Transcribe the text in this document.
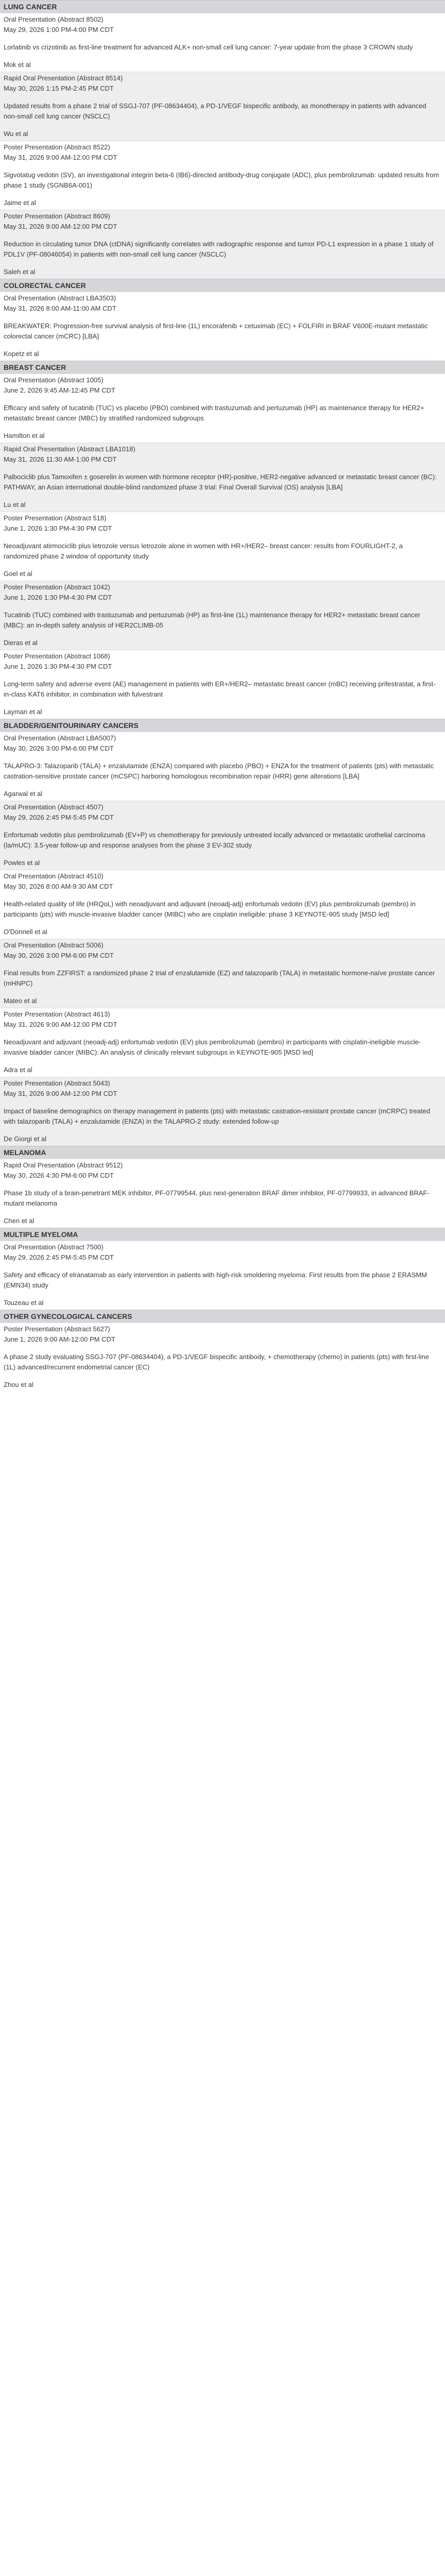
LUNG CANCER
Oral Presentation (Abstract 8502)
May 29, 2026 1:00 PM-4:00 PM CDT
Lorlatinib vs crizotinib as first-line treatment for advanced ALK+ non-small cell lung cancer: 7-year update from the phase 3 CROWN study
Mok et al
Rapid Oral Presentation (Abstract 8514)
May 30, 2026 1:15 PM-2:45 PM CDT
Updated results from a phase 2 trial of SSGJ-707 (PF-08634404), a PD-1/VEGF bispecific antibody, as monotherapy in patients with advanced non-small cell lung cancer (NSCLC)
Wu et al
Poster Presentation (Abstract 8522)
May 31, 2026 9:00 AM-12:00 PM CDT
Sigvotatug vedotin (SV), an investigational integrin beta-6 (IB6)-directed antibody-drug conjugate (ADC), plus pembrolizumab: updated results from phase 1 study (SGNB6A-001)
Jaime et al
Poster Presentation (Abstract 8609)
May 31, 2026 9:00 AM-12:00 PM CDT
Reduction in circulating tumor DNA (ctDNA) significantly correlates with radiographic response and tumor PD-L1 expression in a phase 1 study of PDL1V (PF-08046054) in patients with non-small cell lung cancer (NSCLC)
Saleh et al
COLORECTAL CANCER
Oral Presentation (Abstract LBA3503)
May 31, 2026 8:00 AM-11:00 AM CDT
BREAKWATER: Progression-free survival analysis of first-line (1L) encorafenib + cetuximab (EC) + FOLFIRI in BRAF V600E-mutant metastatic colorectal cancer (mCRC) [LBA]
Kopetz et al
BREAST CANCER
Oral Presentation (Abstract 1005)
June 2, 2026 9:45 AM-12:45 PM CDT
Efficacy and safety of tucatinib (TUC) vs placebo (PBO) combined with trastuzumab and pertuzumab (HP) as maintenance therapy for HER2+ metastatic breast cancer (MBC) by stratified randomized subgroups
Hamilton et al
Rapid Oral Presentation (Abstract LBA1018)
May 31, 2026 11:30 AM-1:00 PM CDT
Palbociclib plus Tamoxifen ± goserelin in women with hormone receptor (HR)-positive, HER2-negative advanced or metastatic breast cancer (BC): PATHWAY, an Asian international double-blind randomized phase 3 trial: Final Overall Survival (OS) analysis [LBA]
Lu et al
Poster Presentation (Abstract 518)
June 1, 2026 1:30 PM-4:30 PM CDT
Neoadjuvant atirmociclib plus letrozole versus letrozole alone in women with HR+/HER2– breast cancer: results from FOURLIGHT-2, a randomized phase 2 window of opportunity study
Goel et al
Poster Presentation (Abstract 1042)
June 1, 2026 1:30 PM-4:30 PM CDT
Tucatinib (TUC) combined with trastuzumab and pertuzumab (HP) as first-line (1L) maintenance therapy for HER2+ metastatic breast cancer (MBC): an in-depth safety analysis of HER2CLIMB-05
Dieras et al
Poster Presentation (Abstract 1068)
June 1, 2026 1:30 PM-4:30 PM CDT
Long-term safety and adverse event (AE) management in patients with ER+/HER2– metastatic breast cancer (mBC) receiving prifestrastat, a first-in-class KAT6 inhibitor, in combination with fulvestrant
Layman et al
BLADDER/GENITOURINARY CANCERS
Oral Presentation (Abstract LBA5007)
May 30, 2026 3:00 PM-6:00 PM CDT
TALAPRO-3: Talazoparib (TALA) + enzalutamide (ENZA) compared with placebo (PBO) + ENZA for the treatment of patients (pts) with metastatic castration-sensitive prostate cancer (mCSPC) harboring homologous recombination repair (HRR) gene alterations [LBA]
Agarwal et al
Oral Presentation (Abstract 4507)
May 29, 2026 2:45 PM-5:45 PM CDT
Enfortumab vedotin plus pembrolizumab (EV+P) vs chemotherapy for previously untreated locally advanced or metastatic urothelial carcinoma (la/mUC): 3.5-year follow-up and response analyses from the phase 3 EV-302 study
Powles et al
Oral Presentation (Abstract 4510)
May 30, 2026 8:00 AM-9:30 AM CDT
Health-related quality of life (HRQoL) with neoadjuvant and adjuvant (neoadj-adj) enfortumab vedotin (EV) plus pembrolizumab (pembro) in participants (pts) with muscle-invasive bladder cancer (MIBC) who are cisplatin ineligible: phase 3 KEYNOTE-905 study [MSD led]
O'Donnell et al
Oral Presentation (Abstract 5006)
May 30, 2026 3:00 PM-6:00 PM CDT
Final results from ZZFIRST: a randomized phase 2 trial of enzalutamide (EZ) and talazoparib (TALA) in metastatic hormone-naïve prostate cancer (mHNPC)
Mateo et al
Poster Presentation (Abstract 4613)
May 31, 2026 9:00 AM-12:00 PM CDT
Neoadjuvant and adjuvant (neoadj-adj) enfortumab vedotin (EV) plus pembrolizumab (pembro) in participants with cisplatin-ineligible muscle-invasive bladder cancer (MIBC): An analysis of clinically relevant subgroups in KEYNOTE-905 [MSD led]
Adra et al
Poster Presentation (Abstract 5043)
May 31, 2026 9:00 AM-12:00 PM CDT
Impact of baseline demographics on therapy management in patients (pts) with metastatic castration-resistant prostate cancer (mCRPC) treated with talazoparib (TALA) + enzalutamide (ENZA) in the TALAPRO-2 study: extended follow-up
De Giorgi et al
MELANOMA
Rapid Oral Presentation (Abstract 9512)
May 30, 2026 4:30 PM-6:00 PM CDT
Phase 1b study of a brain-penetrant MEK inhibitor, PF-07799544, plus next-generation BRAF dimer inhibitor, PF-07799933, in advanced BRAF-mutant melanoma
Chen et al
MULTIPLE MYELOMA
Oral Presentation (Abstract 7500)
May 29, 2026 2:45 PM-5:45 PM CDT
Safety and efficacy of elranatamab as early intervention in patients with high-risk smoldering myeloma: First results from the phase 2 ERASMM (EMN34) study
Touzeau et al
OTHER GYNECOLOGICAL CANCERS
Poster Presentation (Abstract 5627)
June 1, 2026 9:00 AM-12:00 PM CDT
A phase 2 study evaluating SSGJ-707 (PF-08634404), a PD-1/VEGF bispecific antibody, + chemotherapy (chemo) in patients (pts) with first-line (1L) advanced/recurrent endometrial cancer (EC)
Zhou et al
